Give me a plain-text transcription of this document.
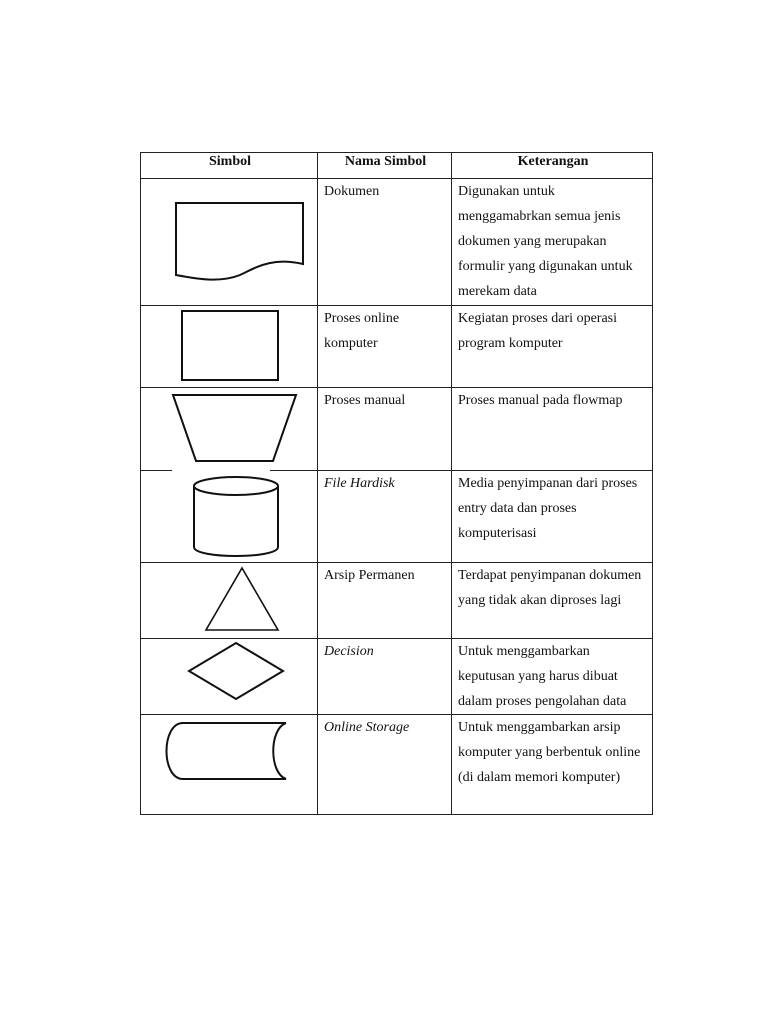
Simbol	Nama Simbol	Keterangan

	Dokumen	Digunakan untuk menggamabrkan semua jenis dokumen yang merupakan formulir yang digunakan untuk merekam data

	Proses online komputer	Kegiatan proses dari operasi program komputer

	Proses manual	Proses manual pada flowmap

	File Hardisk	Media penyimpanan dari proses entry data dan proses komputerisasi

	Arsip Permanen	Terdapat penyimpanan dokumen yang tidak akan diproses lagi

	Decision	Untuk menggambarkan keputusan yang harus dibuat dalam proses pengolahan data

	Online Storage	Untuk menggambarkan arsip komputer yang berbentuk online (di dalam memori komputer)
